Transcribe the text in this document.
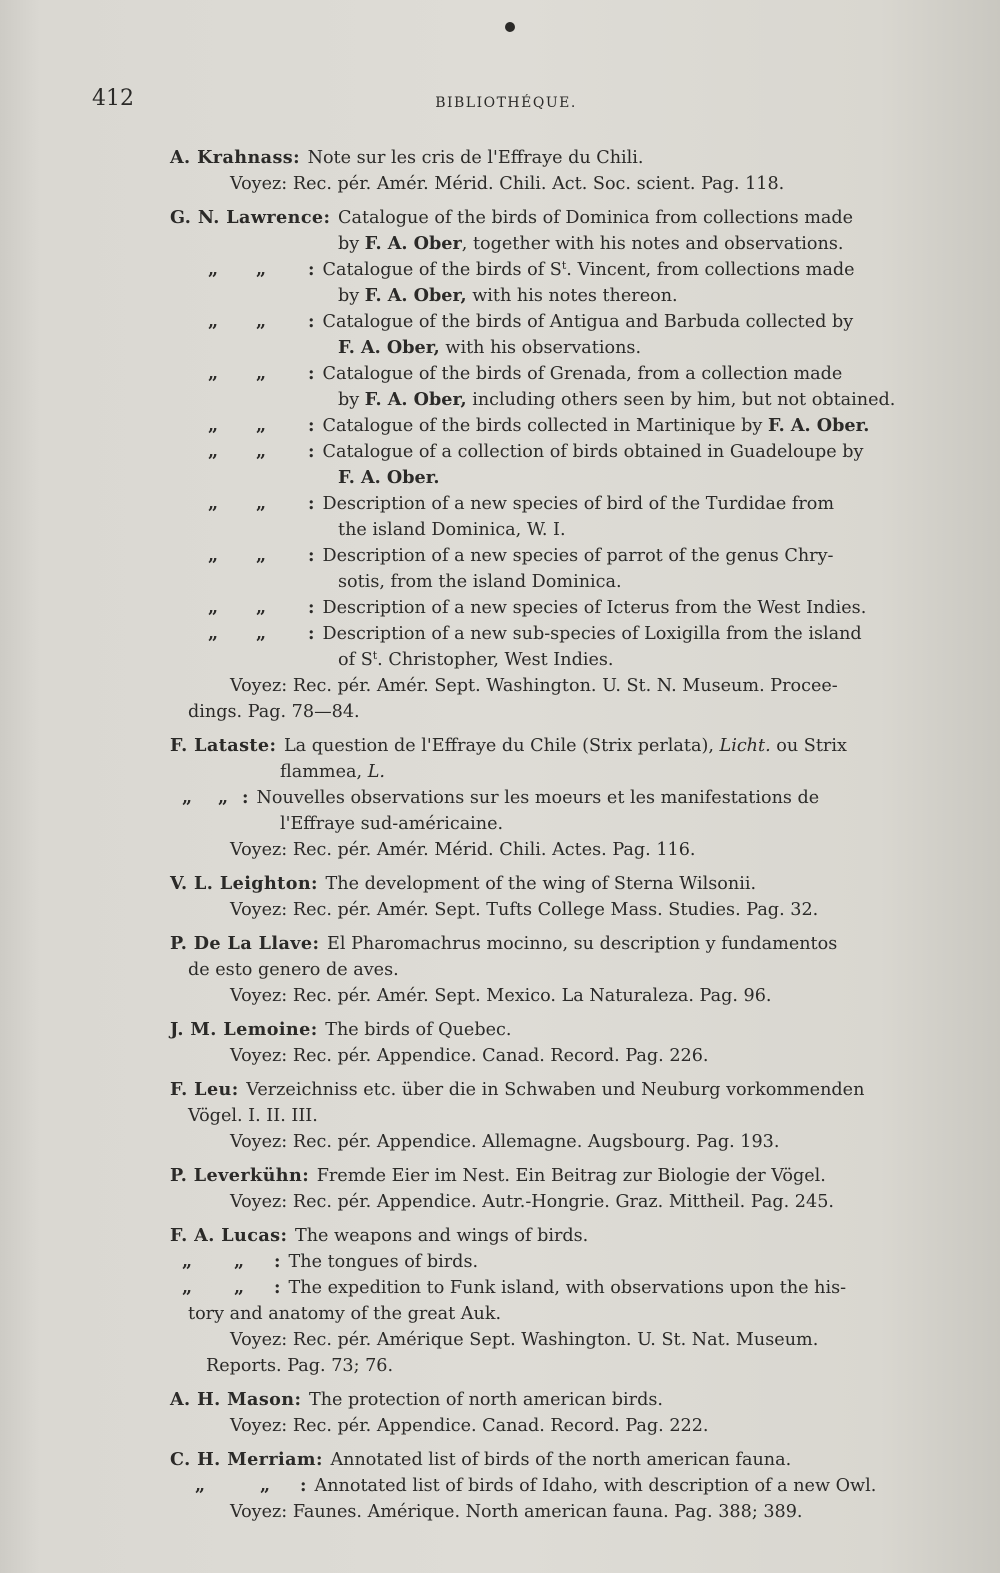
412	BIBLIOTHÉQUE.
A. Krahnass: Note sur les cris de l'Effraye du Chili.
Voyez: Rec. pér. Amér. Mérid. Chili. Act. Soc. scient. Pag. 118.
G. N. Lawrence: Catalogue of the birds of Dominica from collections made
by F. A. Ober, together with his notes and observations.
„ „ : Catalogue of the birds of $S^t$. Vincent, from collections made
by F. A. Ober, with his notes thereon.
„ „ : Catalogue of the birds of Antigua and Barbuda collected by
F. A. Ober, with his observations.
„ „ : Catalogue of the birds of Grenada, from a collection made
by F. A. Ober, including others seen by him, but not obtained.
„ „ : Catalogue of the birds collected in Martinique by F. A. Ober.
„ „ : Catalogue of a collection of birds obtained in Guadeloupe by
F. A. Ober.
„ „ : Description of a new species of bird of the Turdidae from
the island Dominica, W. I.
„ „ : Description of a new species of parrot of the genus Chry-
sotis, from the island Dominica.
„ „ : Description of a new species of Icterus from the West Indies.
„ „ : Description of a new sub-species of Loxigilla from the island
of $S^t$. Christopher, West Indies.
Voyez: Rec. pér. Amér. Sept. Washington. U. St. N. Museum. Procee-
dings. Pag. 78—84.
F. Lataste: La question de l'Effraye du Chile (Strix perlata), Licht. ou Strix
flammea, L.
„ „ : Nouvelles observations sur les moeurs et les manifestations de
l'Effraye sud-américaine.
Voyez: Rec. pér. Amér. Mérid. Chili. Actes. Pag. 116.
V. L. Leighton: The development of the wing of Sterna Wilsonii.
Voyez: Rec. pér. Amér. Sept. Tufts College Mass. Studies. Pag. 32.
P. De La Llave: El Pharomachrus mocinno, su description y fundamentos
de esto genero de aves.
Voyez: Rec. pér. Amér. Sept. Mexico. La Naturaleza. Pag. 96.
J. M. Lemoine: The birds of Quebec.
Voyez: Rec. pér. Appendice. Canad. Record. Pag. 226.
F. Leu: Verzeichniss etc. über die in Schwaben und Neuburg vorkommenden
Vögel. I. II. III.
Voyez: Rec. pér. Appendice. Allemagne. Augsbourg. Pag. 193.
P. Leverkühn: Fremde Eier im Nest. Ein Beitrag zur Biologie der Vögel.
Voyez: Rec. pér. Appendice. Autr.-Hongrie. Graz. Mittheil. Pag. 245.
F. A. Lucas: The weapons and wings of birds.
„ „ : The tongues of birds.
„ „ : The expedition to Funk island, with observations upon the his-
tory and anatomy of the great Auk.
Voyez: Rec. pér. Amérique Sept. Washington. U. St. Nat. Museum.
Reports. Pag. 73; 76.
A. H. Mason: The protection of north american birds.
Voyez: Rec. pér. Appendice. Canad. Record. Pag. 222.
C. H. Merriam: Annotated list of birds of the north american fauna.
„	„ : Annotated list of birds of Idaho, with description of a new Owl.
Voyez: Faunes. Amérique. North american fauna. Pag. 388; 389.
